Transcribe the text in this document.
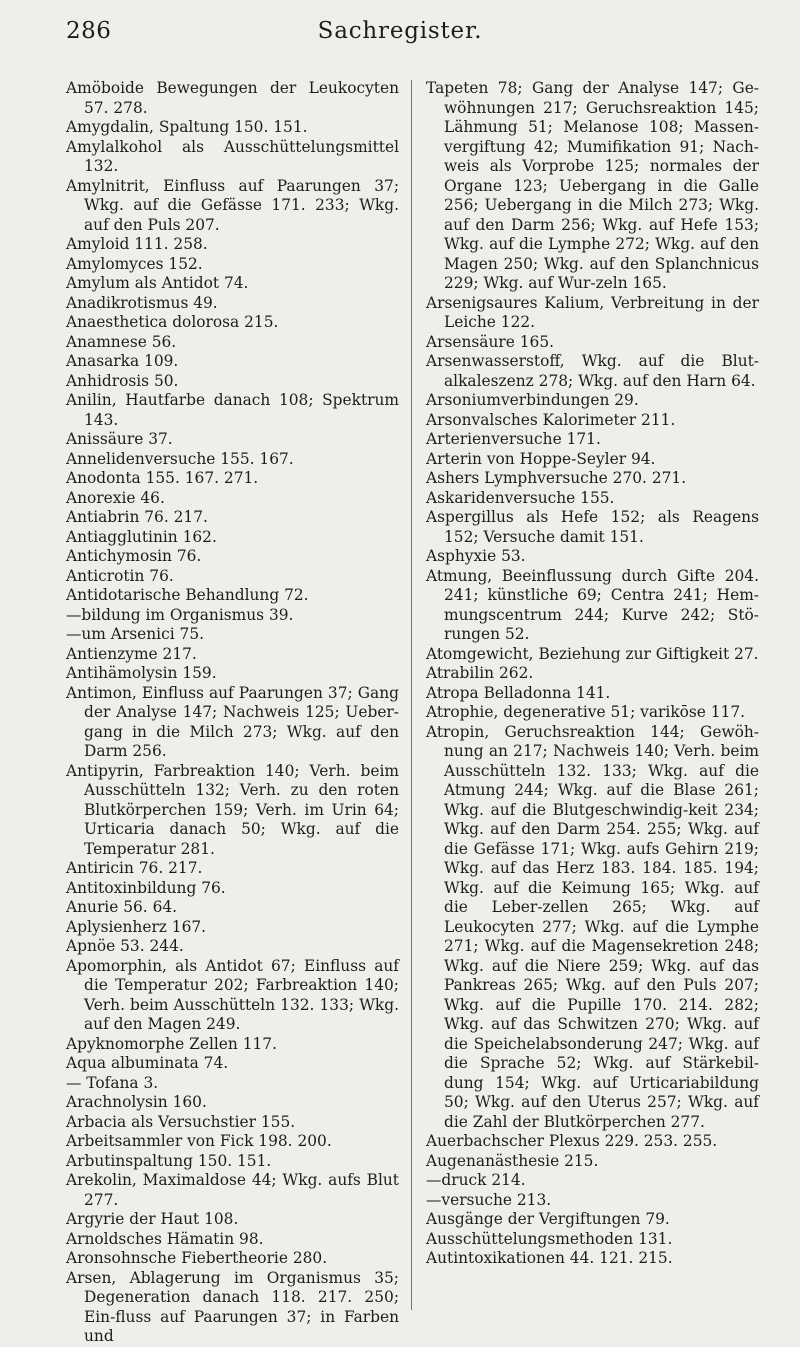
286	Sachregister.

Amöboide Bewegungen der Leukocyten 57. 278.

Amygdalin, Spaltung 150. 151.

Amylalkohol als Ausschüttelungsmittel 132.

Amylnitrit, Einfluss auf Paarungen 37; Wkg. auf die Gefässe 171. 233; Wkg. auf den Puls 207.

Amyloid 111. 258.

Amylomyces 152.

Amylum als Antidot 74.

Anadikrotismus 49.

Anaesthetica dolorosa 215.

Anamnese 56.

Anasarka 109.

Anhidrosis 50.

Anilin, Hautfarbe danach 108; Spektrum 143.

Anissäure 37.

Annelidenversuche 155. 167.

Anodonta 155. 167. 271.

Anorexie 46.

Antiabrin 76. 217.

Antiagglutinin 162.

Antichymosin 76.

Anticrotin 76.

Antidotarische Behandlung 72.

—bildung im Organismus 39.

—um Arsenici 75.

Antienzyme 217.

Antihämolysin 159.

Antimon, Einfluss auf Paarungen 37; Gang der Analyse 147; Nachweis 125; Ueber-gang in die Milch 273; Wkg. auf den Darm 256.

Antipyrin, Farbreaktion 140; Verh. beim Ausschütteln 132; Verh. zu den roten Blutkörperchen 159; Verh. im Urin 64; Urticaria danach 50; Wkg. auf die Temperatur 281.

Antiricin 76. 217.

Antitoxinbildung 76.

Anurie 56. 64.

Aplysienherz 167.

Apnöe 53. 244.

Apomorphin, als Antidot 67; Einfluss auf die Temperatur 202; Farbreaktion 140; Verh. beim Ausschütteln 132. 133; Wkg. auf den Magen 249.

Apyknomorphe Zellen 117.

Aqua albuminata 74.

— Tofana 3.

Arachnolysin 160.

Arbacia als Versuchstier 155.

Arbeitsammler von Fick 198. 200.

Arbutinspaltung 150. 151.

Arekolin, Maximaldose 44; Wkg. aufs Blut 277.

Argyrie der Haut 108.

Arnoldsches Hämatin 98.

Aronsohnsche Fiebertheorie 280.

Arsen, Ablagerung im Organismus 35; Degeneration danach 118. 217. 250; Ein-fluss auf Paarungen 37; in Farben und

Tapeten 78; Gang der Analyse 147; Ge-wöhnungen 217; Geruchsreaktion 145; Lähmung 51; Melanose 108; Massen-vergiftung 42; Mumifikation 91; Nach-weis als Vorprobe 125; normales der Organe 123; Uebergang in die Galle 256; Uebergang in die Milch 273; Wkg. auf den Darm 256; Wkg. auf Hefe 153; Wkg. auf die Lymphe 272; Wkg. auf den Magen 250; Wkg. auf den Splanchnicus 229; Wkg. auf Wur-zeln 165.

Arsenigsaures Kalium, Verbreitung in der Leiche 122.

Arsensäure 165.

Arsenwasserstoff, Wkg. auf die Blut-alkaleszenz 278; Wkg. auf den Harn 64.

Arsoniumverbindungen 29.

Arsonvalsches Kalorimeter 211.

Arterienversuche 171.

Arterin von Hoppe-Seyler 94.

Ashers Lymphversuche 270. 271.

Askaridenversuche 155.

Aspergillus als Hefe 152; als Reagens 152; Versuche damit 151.

Asphyxie 53.

Atmung, Beeinflussung durch Gifte 204. 241; künstliche 69; Centra 241; Hem-mungscentrum 244; Kurve 242; Stö-rungen 52.

Atomgewicht, Beziehung zur Giftigkeit 27.

Atrabilin 262.

Atropa Belladonna 141.

Atrophie, degenerative 51; varikōse 117.

Atropin, Geruchsreaktion 144; Gewöh-nung an 217; Nachweis 140; Verh. beim Ausschütteln 132. 133; Wkg. auf die Atmung 244; Wkg. auf die Blase 261; Wkg. auf die Blutgeschwindig-keit 234; Wkg. auf den Darm 254. 255; Wkg. auf die Gefässe 171; Wkg. aufs Gehirn 219; Wkg. auf das Herz 183. 184. 185. 194; Wkg. auf die Keimung 165; Wkg. auf die Leber-zellen 265; Wkg. auf Leukocyten 277; Wkg. auf die Lymphe 271; Wkg. auf die Magensekretion 248; Wkg. auf die Niere 259; Wkg. auf das Pankreas 265; Wkg. auf den Puls 207; Wkg. auf die Pupille 170. 214. 282; Wkg. auf das Schwitzen 270; Wkg. auf die Speichelabsonderung 247; Wkg. auf die Sprache 52; Wkg. auf Stärkebil-dung 154; Wkg. auf Urticariabildung 50; Wkg. auf den Uterus 257; Wkg. auf die Zahl der Blutkörperchen 277.

Auerbachscher Plexus 229. 253. 255.

Augenanästhesie 215.

—druck 214.

—versuche 213.

Ausgänge der Vergiftungen 79.

Ausschüttelungsmethoden 131.

Autintoxikationen 44. 121. 215.
